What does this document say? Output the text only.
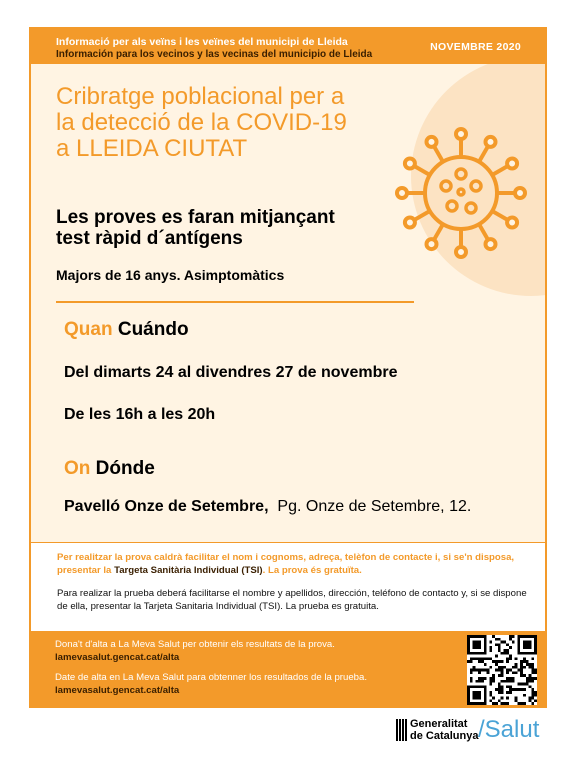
Informació per als veïns i les veïnes del municipi de Lleida
Información para los vecinos y las vecinas del municipio de Lleida
NOVEMBRE 2020
Cribratge poblacional per a
la detecció de la COVID-19
a LLEIDA CIUTAT
Les proves es faran mitjançant
test ràpid d´antígens
Majors de 16 anys. Asimptomàtics
Quan Cuándo
Del dimarts 24 al divendres 27 de novembre
De les 16h a les 20h
On Dónde
Pavelló Onze de Setembre, Pg. Onze de Setembre, 12.
Per realitzar la prova caldrà facilitar el nom i cognoms, adreça, telèfon de contacte i, si se'n disposa, presentar la Targeta Sanitària Individual (TSI). La prova és gratuïta.
Para realizar la prueba deberá facilitarse el nombre y apellidos, dirección, teléfono de contacto y, si se dispone de ella, presentar la Tarjeta Sanitaria Individual (TSI). La prueba es gratuita.
Dona't d'alta a La Meva Salut per obtenir els resultats de la prova.
lamevasalut.gencat.cat/alta
Date de alta en La Meva Salut para obtenner los resultados de la prueba.
lamevasalut.gencat.cat/alta
Generalitat
de Catalunya /Salut
